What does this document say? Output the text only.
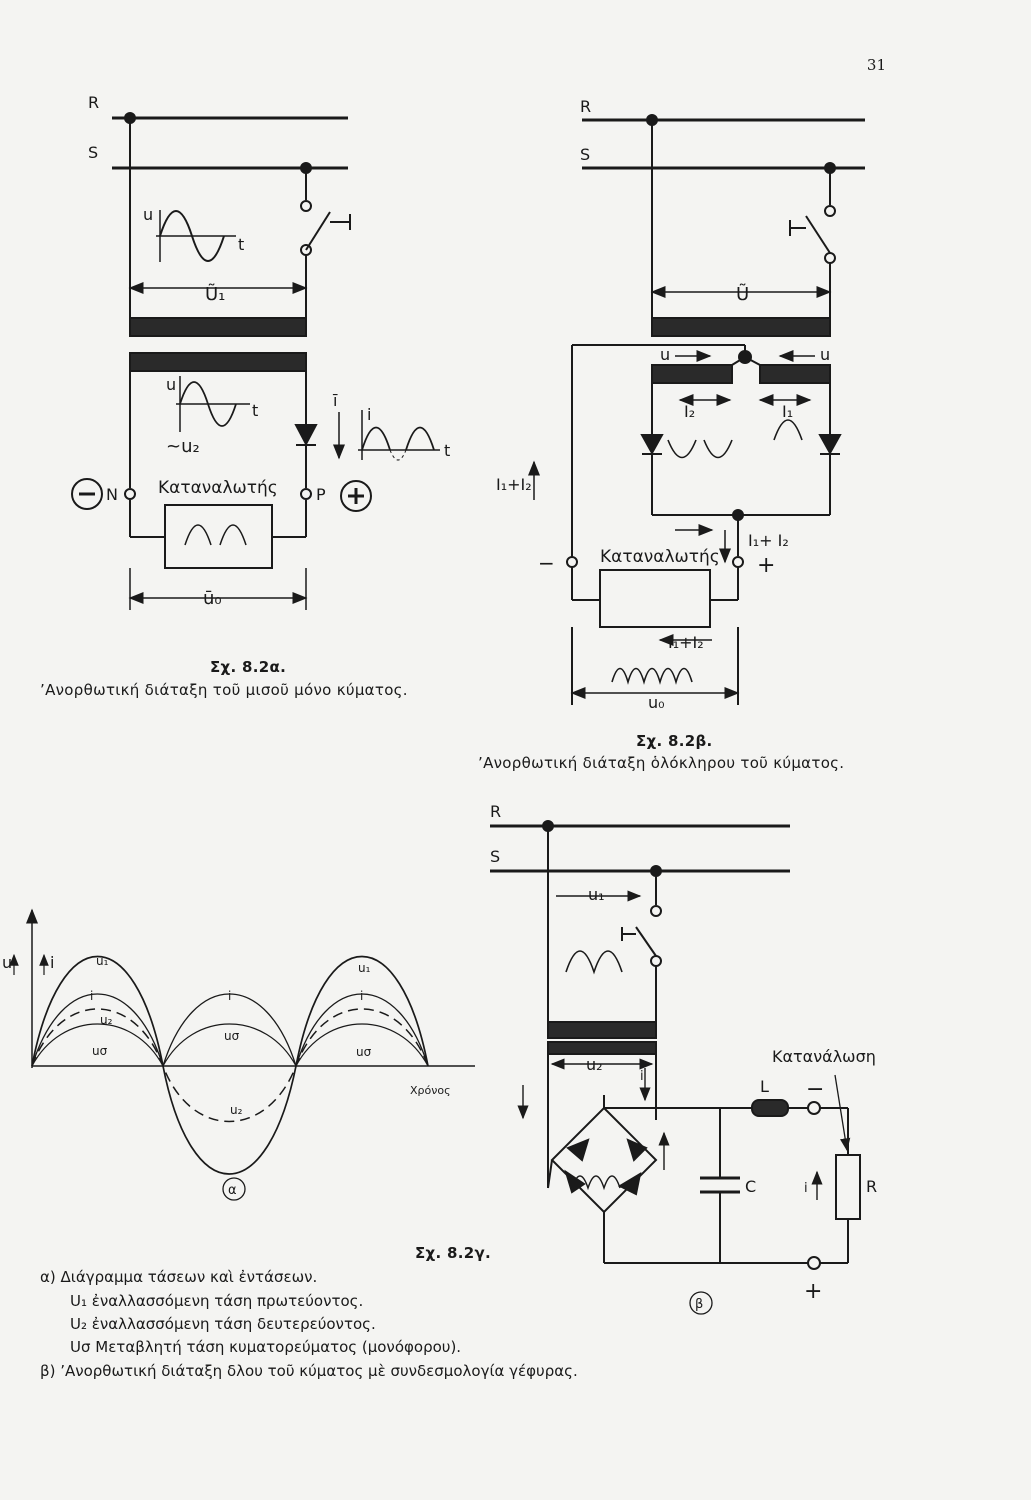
31
R
S
u
t
Ũ₁
u
t
~u₂
ī
i
t
N	P
Καταναλωτής
ū₀
R
S
Ũ
u	u
I₂	I₁
I₁+I₂
I₁+ I₂
Καταναλωτής
−	+
I₁+I₂
u₀
u i	u₁
i
u₂
uσ
u₁
i
i
uσ
uσ
u₂
Χρόνος
α
R
S
u₁
u₂
i
Κατανάλωση
L
C	R
i
−
+
β
Σχ. 8.2α.
’Ανορθωτική διάταξη τοῦ μισοῦ μόνο κύματος.
Σχ. 8.2β.
’Ανορθωτική διάταξη ὁλόκληρου τοῦ κύματος.
Σχ. 8.2γ.
α) Διάγραμμα τάσεων καὶ ἐντάσεων.
U₁ ἐναλλασσόμενη τάση πρωτεύοντος.
U₂ ἐναλλασσόμενη τάση δευτερεύοντος.
Uσ Μεταβλητή τάση κυματορεύματος (μονόφορου).
β) ’Ανορθωτική διάταξη δλου τοῦ κύματος μὲ συνδεσμολογία γέφυρας.
